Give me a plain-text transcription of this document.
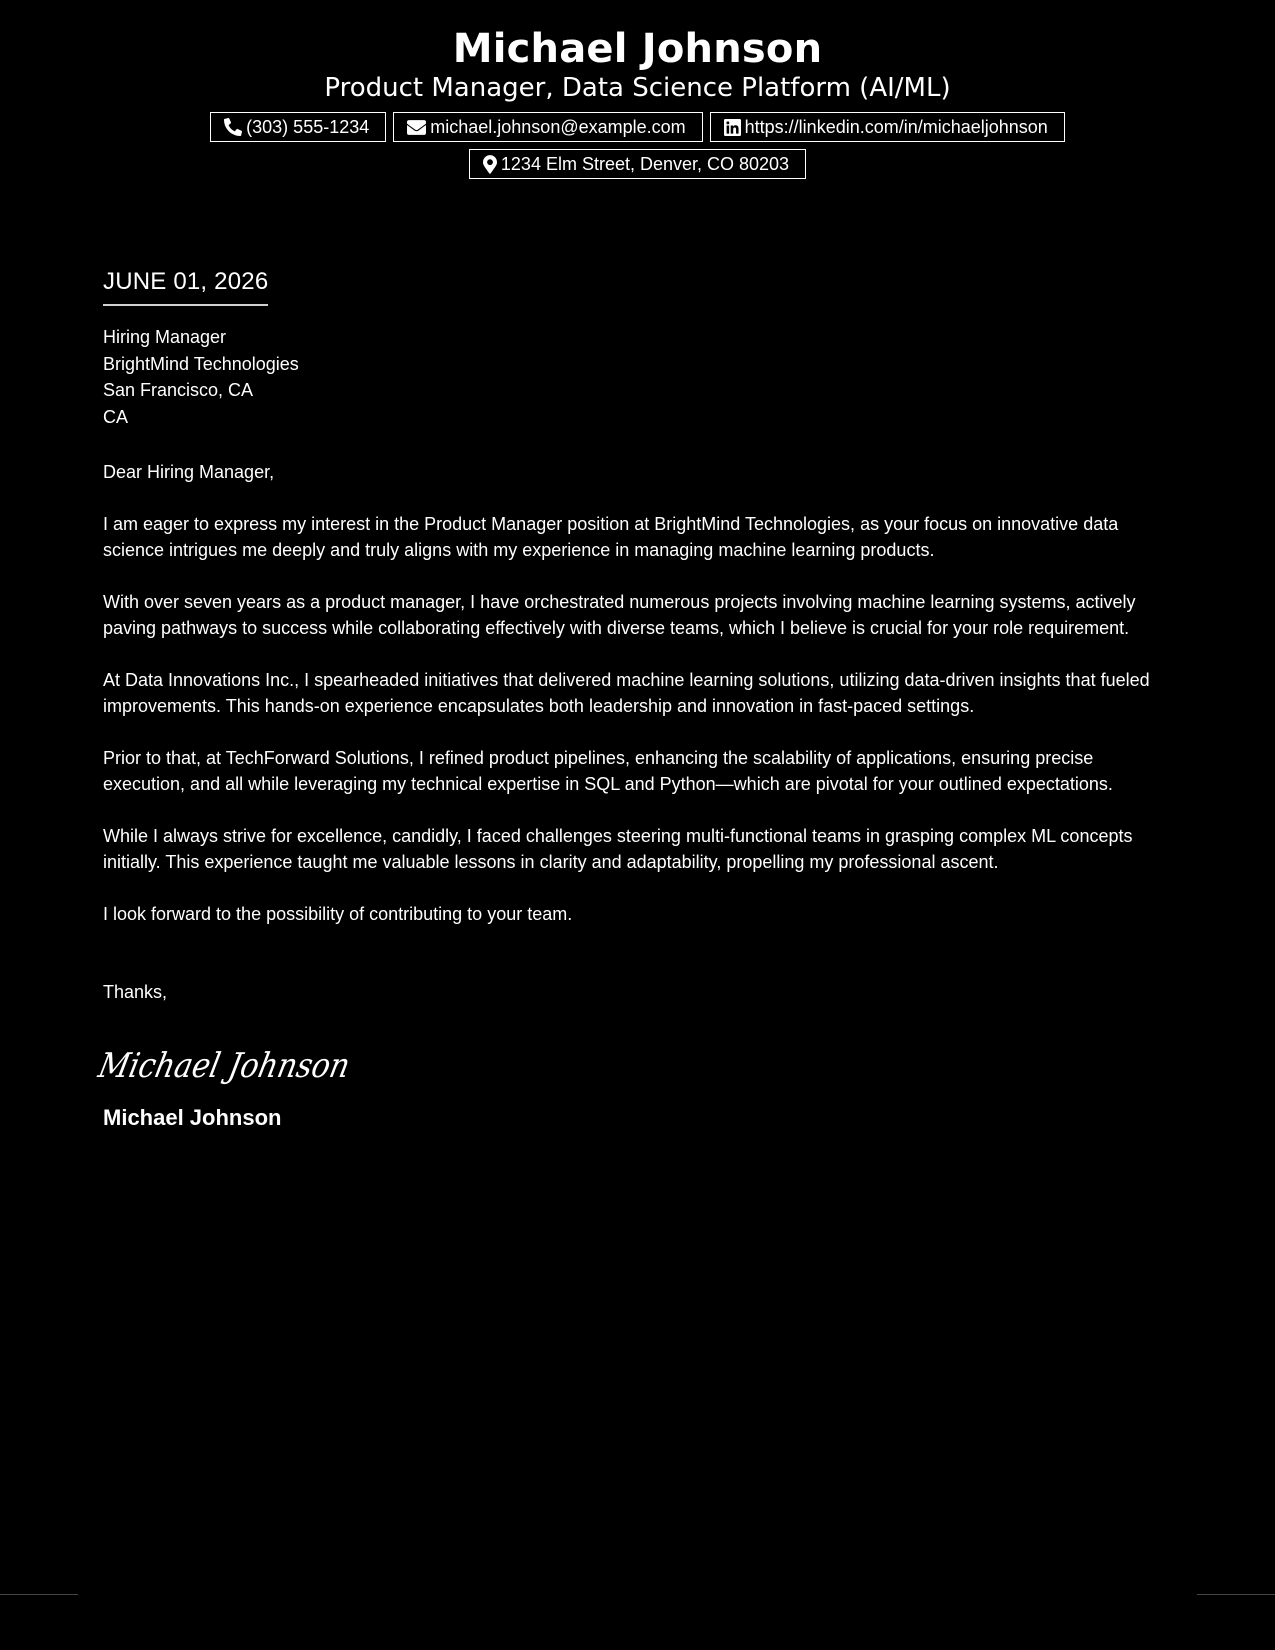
Michael Johnson
Product Manager, Data Science Platform (AI/ML)
(303) 555-1234	michael.johnson@example.com	https://linkedin.com/in/michaeljohnson
1234 Elm Street, Denver, CO 80203
JUNE 01, 2026
Hiring Manager
BrightMind Technologies
San Francisco, CA
CA
Dear Hiring Manager,

I am eager to express my interest in the Product Manager position at BrightMind Technologies, as your focus on innovative data science intrigues me deeply and truly aligns with my experience in managing machine learning products.

With over seven years as a product manager, I have orchestrated numerous projects involving machine learning systems, actively paving pathways to success while collaborating effectively with diverse teams, which I believe is crucial for your role requirement.

At Data Innovations Inc., I spearheaded initiatives that delivered machine learning solutions, utilizing data-driven insights that fueled improvements. This hands-on experience encapsulates both leadership and innovation in fast-paced settings.

Prior to that, at TechForward Solutions, I refined product pipelines, enhancing the scalability of applications, ensuring precise execution, and all while leveraging my technical expertise in SQL and Python—which are pivotal for your outlined expectations.

While I always strive for excellence, candidly, I faced challenges steering multi-functional teams in grasping complex ML concepts initially. This experience taught me valuable lessons in clarity and adaptability, propelling my professional ascent.

I look forward to the possibility of contributing to your team.

Thanks,
Michael Johnson
Michael Johnson
